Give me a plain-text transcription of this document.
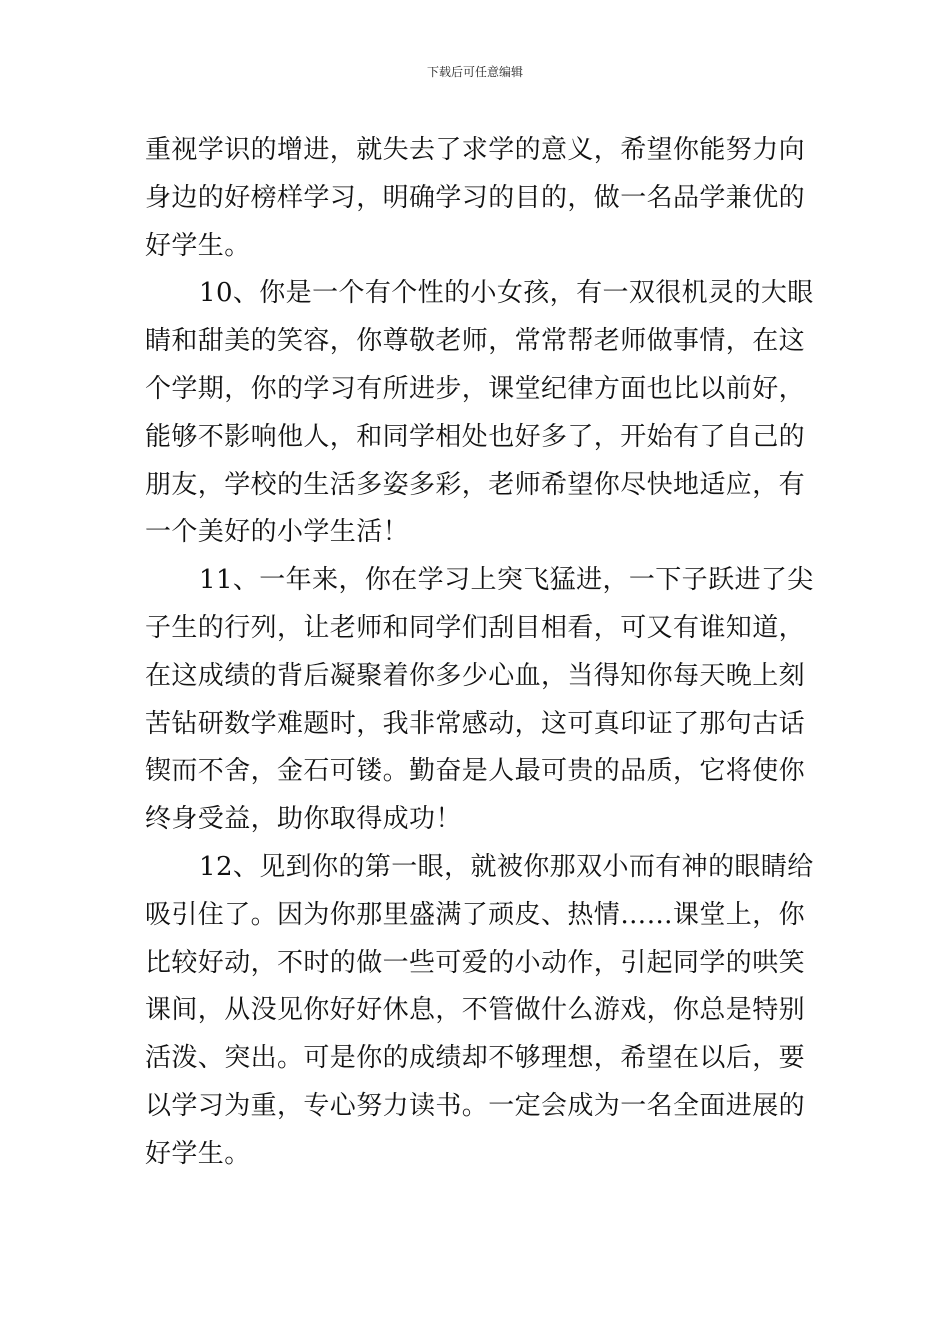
下载后可任意编辑
重视学识的增进，就失去了求学的意义，希望你能努力向
身边的好榜样学习，明确学习的目的，做一名品学兼优的
好学生。
10、你是一个有个性的小女孩，有一双很机灵的大眼
睛和甜美的笑容，你尊敬老师，常常帮老师做事情，在这
个学期，你的学习有所进步，课堂纪律方面也比以前好，
能够不影响他人，和同学相处也好多了，开始有了自己的
朋友，学校的生活多姿多彩，老师希望你尽快地适应，有
一个美好的小学生活！
11、一年来，你在学习上突飞猛进，一下子跃进了尖
子生的行列，让老师和同学们刮目相看，可又有谁知道，
在这成绩的背后凝聚着你多少心血，当得知你每天晚上刻
苦钻研数学难题时，我非常感动，这可真印证了那句古话
锲而不舍，金石可镂。勤奋是人最可贵的品质，它将使你
终身受益，助你取得成功！
12、见到你的第一眼，就被你那双小而有神的眼睛给
吸引住了。因为你那里盛满了顽皮、热情……课堂上，你
比较好动，不时的做一些可爱的小动作，引起同学的哄笑
课间，从没见你好好休息，不管做什么游戏，你总是特别
活泼、突出。可是你的成绩却不够理想，希望在以后，要
以学习为重，专心努力读书。一定会成为一名全面进展的
好学生。
